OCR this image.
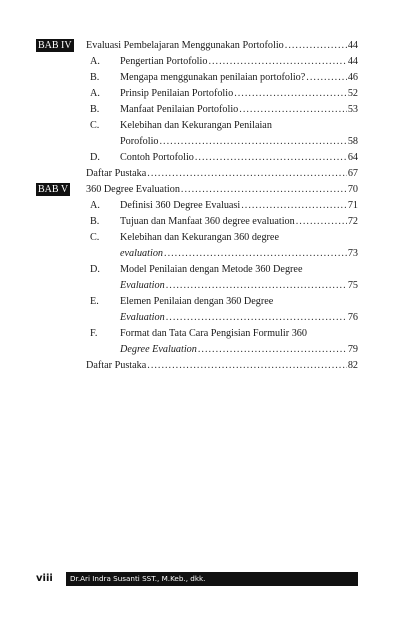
BAB IV Evaluasi Pembelajaran Menggunakan Portofolio .....	44
A. Pengertian Portofolio .....	44
B. Mengapa menggunakan penilaian portofolio? .....	46
A. Prinsip Penilaian Portofolio .....	52
B. Manfaat Penilaian Portofolio .....	53
C. Kelebihan dan Kekurangan Penilaian
Porofolio .....	58
D. Contoh Portofolio .....	64
Daftar Pustaka .....	67
BAB V 360 Degree Evaluation .....	70
A. Definisi 360 Degree Evaluasi .....	71
B. Tujuan dan Manfaat 360 degree evaluation .....	72
C. Kelebihan dan Kekurangan 360 degree
evaluation .....	73
D. Model Penilaian dengan Metode 360 Degree
Evaluation .....	75
E. Elemen Penilaian dengan 360 Degree
Evaluation .....	76
F. Format dan Tata Cara Pengisian Formulir 360
Degree Evaluation .....	79
Daftar Pustaka .....	82
viii	Dr.Ari Indra Susanti SST., M.Keb., dkk.
